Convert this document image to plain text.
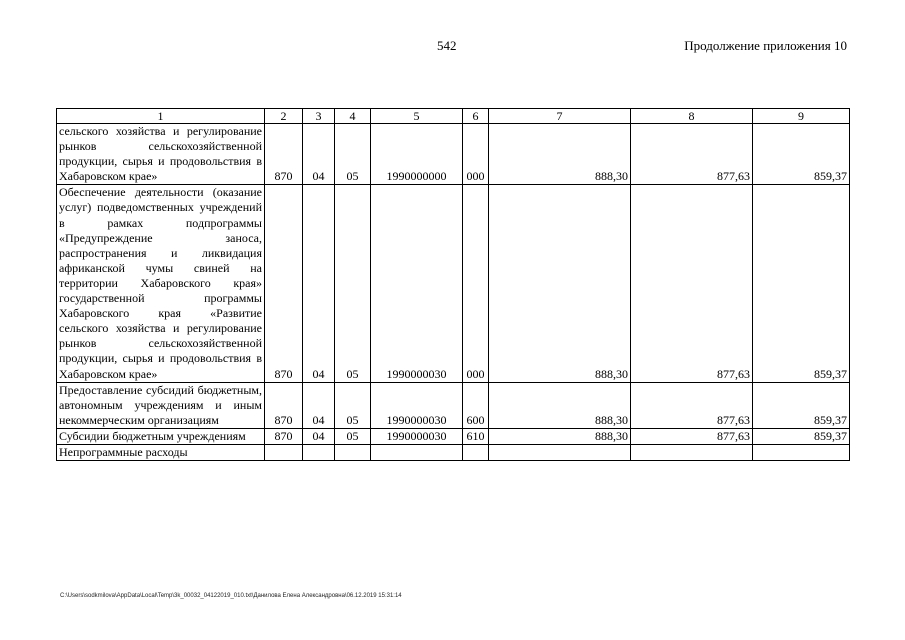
542	Продолжение приложения 10
1	2	3	4	5	6	7	8	9
сельского хозяйства и регулирование рынков сельскохозяйственной продукции, сырья и продовольствия в Хабаровском крае»	870	04	05	1990000000	000	888,30	877,63	859,37
Обеспечение деятельности (оказание услуг) подведомственных учреждений в рамках подпрограммы «Предупреждение заноса, распространения и ликвидация африканской чумы свиней на территории Хабаровского края» государственной программы Хабаровского края «Развитие сельского хозяйства и регулирование рынков сельскохозяйственной продукции, сырья и продовольствия в Хабаровском крае»	870	04	05	1990000030	000	888,30	877,63	859,37
Предоставление субсидий бюджетным, автономным учреждениям и иным некоммерческим организациям	870	04	05	1990000030	600	888,30	877,63	859,37
Субсидии бюджетным учреждениям	870	04	05	1990000030	610	888,30	877,63	859,37
Непрограммные расходы								
C:\Users\sodkmilova\AppData\Local\Temp\3k_00032_04122019_010.txt\Данилова Елена Александровна\06.12.2019 15:31:14
